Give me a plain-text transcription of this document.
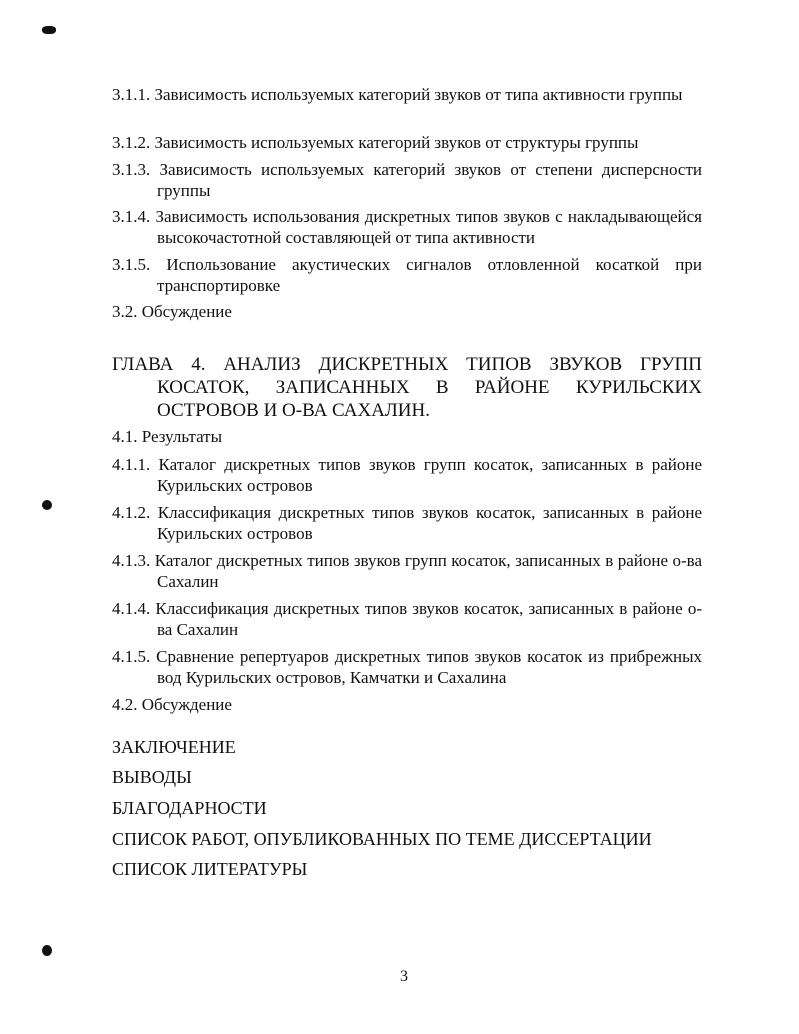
3.1.1. Зависимость используемых категорий звуков от типа активности группы
3.1.2. Зависимость используемых категорий звуков от структуры группы
3.1.3. Зависимость используемых категорий звуков от степени дисперсности группы
3.1.4. Зависимость использования дискретных типов звуков с накладывающейся высокочастотной составляющей от типа активности
3.1.5. Использование акустических сигналов отловленной косаткой при транспортировке
3.2. Обсуждение
ГЛАВА 4. АНАЛИЗ ДИСКРЕТНЫХ ТИПОВ ЗВУКОВ ГРУПП КОСАТОК, ЗАПИСАННЫХ В РАЙОНЕ КУРИЛЬСКИХ ОСТРОВОВ И О-ВА САХАЛИН.
4.1. Результаты
4.1.1. Каталог дискретных типов звуков групп косаток, записанных в районе Курильских островов
4.1.2. Классификация дискретных типов звуков косаток, записанных в районе Курильских островов
4.1.3. Каталог дискретных типов звуков групп косаток, записанных в районе о-ва Сахалин
4.1.4. Классификация дискретных типов звуков косаток, записанных в районе о-ва Сахалин
4.1.5. Сравнение репертуаров дискретных типов звуков косаток из прибрежных вод Курильских островов, Камчатки и Сахалина
4.2. Обсуждение
ЗАКЛЮЧЕНИЕ
ВЫВОДЫ
БЛАГОДАРНОСТИ
СПИСОК РАБОТ, ОПУБЛИКОВАННЫХ ПО ТЕМЕ ДИССЕРТАЦИИ
СПИСОК ЛИТЕРАТУРЫ
3
